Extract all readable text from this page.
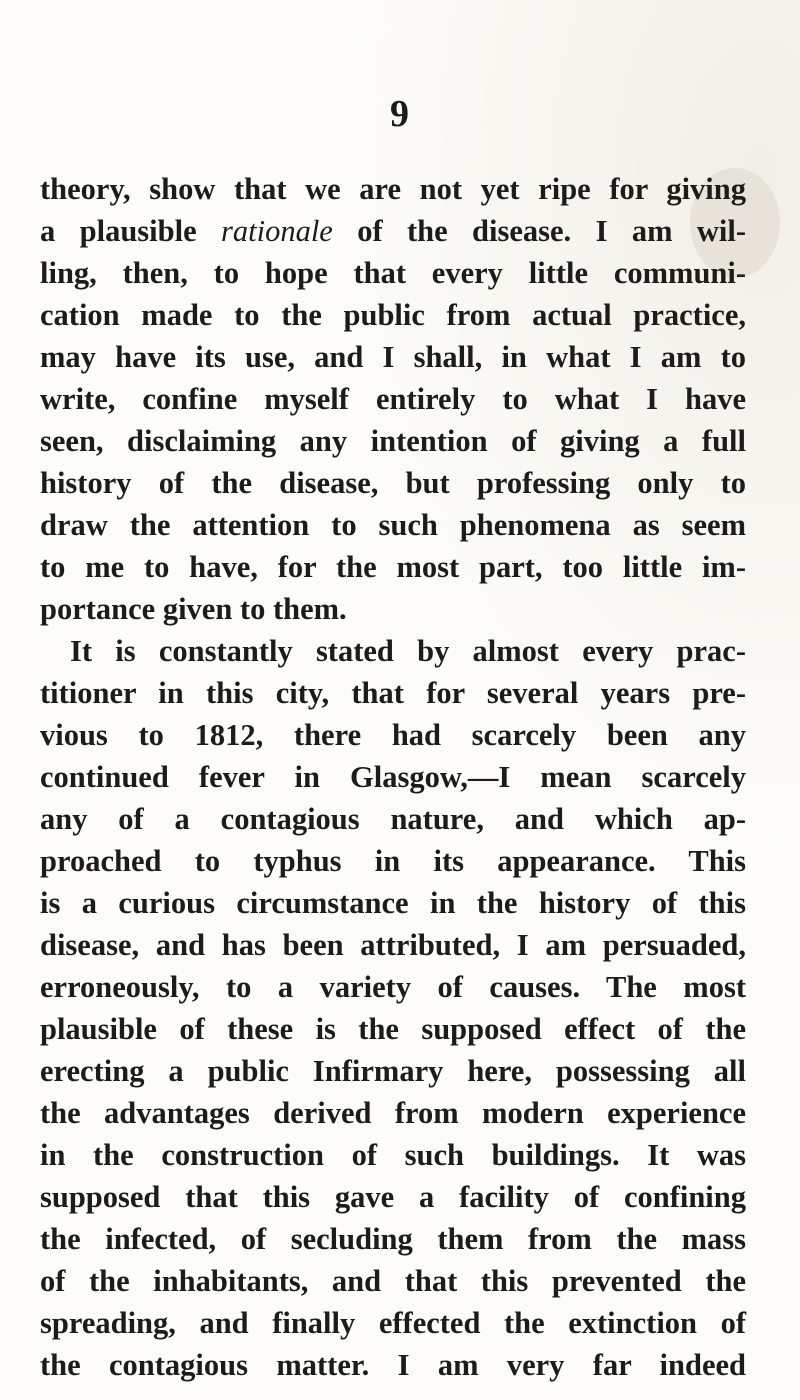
9
theory, show that we are not yet ripe for giving
a plausible rationale of the disease. I am wil-
ling, then, to hope that every little communi-
cation made to the public from actual practice,
may have its use, and I shall, in what I am to
write, confine myself entirely to what I have
seen, disclaiming any intention of giving a full
history of the disease, but professing only to
draw the attention to such phenomena as seem
to me to have, for the most part, too little im-
portance given to them.
It is constantly stated by almost every prac-
titioner in this city, that for several years pre-
vious to 1812, there had scarcely been any
continued fever in Glasgow,—I mean scarcely
any of a contagious nature, and which ap-
proached to typhus in its appearance. This
is a curious circumstance in the history of this
disease, and has been attributed, I am persuaded,
erroneously, to a variety of causes. The most
plausible of these is the supposed effect of the
erecting a public Infirmary here, possessing all
the advantages derived from modern experience
in the construction of such buildings. It was
supposed that this gave a facility of confining
the infected, of secluding them from the mass
of the inhabitants, and that this prevented the
spreading, and finally effected the extinction of
the contagious matter. I am very far indeed
